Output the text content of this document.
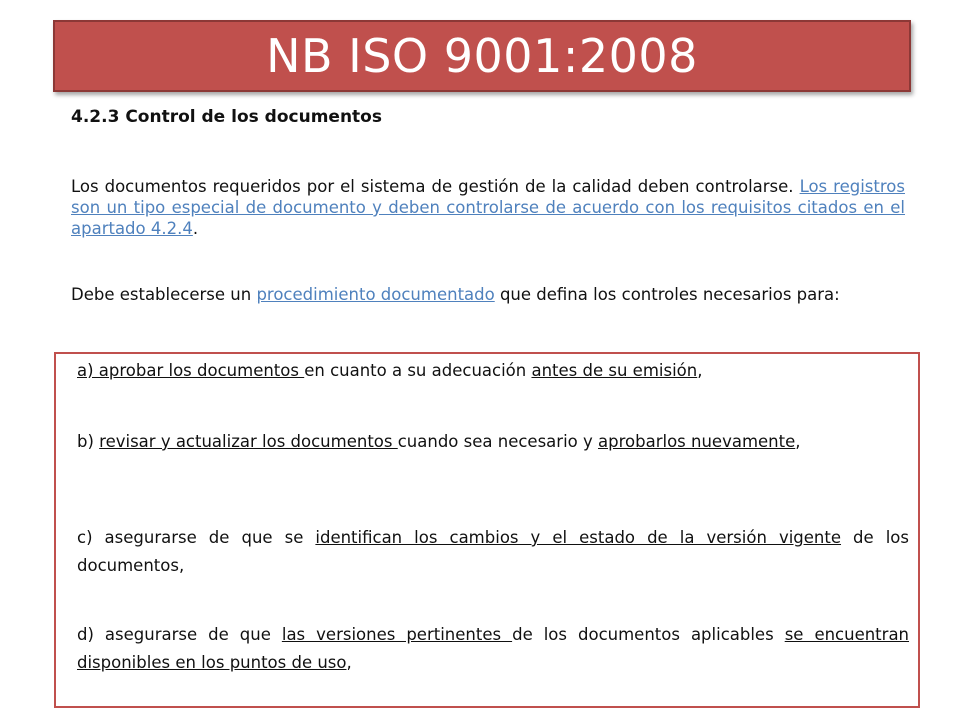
NB ISO 9001:2008
4.2.3 Control de los documentos
Los documentos requeridos por el sistema de gestión de la calidad deben controlarse. Los registros son un tipo especial de documento y deben controlarse de acuerdo con los requisitos citados en el apartado 4.2.4.
Debe establecerse un procedimiento documentado que defina los controles necesarios para:
a) aprobar los documentos en cuanto a su adecuación antes de su emisión,
b) revisar y actualizar los documentos cuando sea necesario y aprobarlos nuevamente,
c) asegurarse de que se identifican los cambios y el estado de la versión vigente de los documentos,
d) asegurarse de que las versiones pertinentes de los documentos aplicables se encuentran disponibles en los puntos de uso,
